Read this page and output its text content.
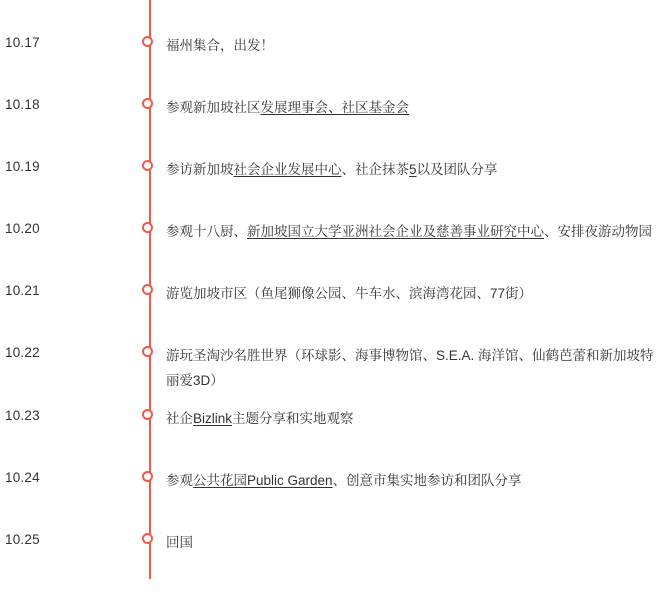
10.17	福州集合，出发！
10.18	参观新加坡社区发展理事会、社区基金会
10.19	参访新加坡社会企业发展中心、社企抹茶5以及团队分享
10.20	参观十八厨、新加坡国立大学亚洲社会企业及慈善事业研究中心、安排夜游动物园
10.21	游览加坡市区（鱼尾狮像公园、牛车水、滨海湾花园、77街）
10.22	游玩圣淘沙名胜世界（环球影、海事博物馆、S.E.A. 海洋馆、仙鹤芭蕾和新加坡特丽爱3D）
10.23	社企Bizlink主题分享和实地观察
10.24	参观公共花园Public Garden、创意市集实地参访和团队分享
10.25	回国
